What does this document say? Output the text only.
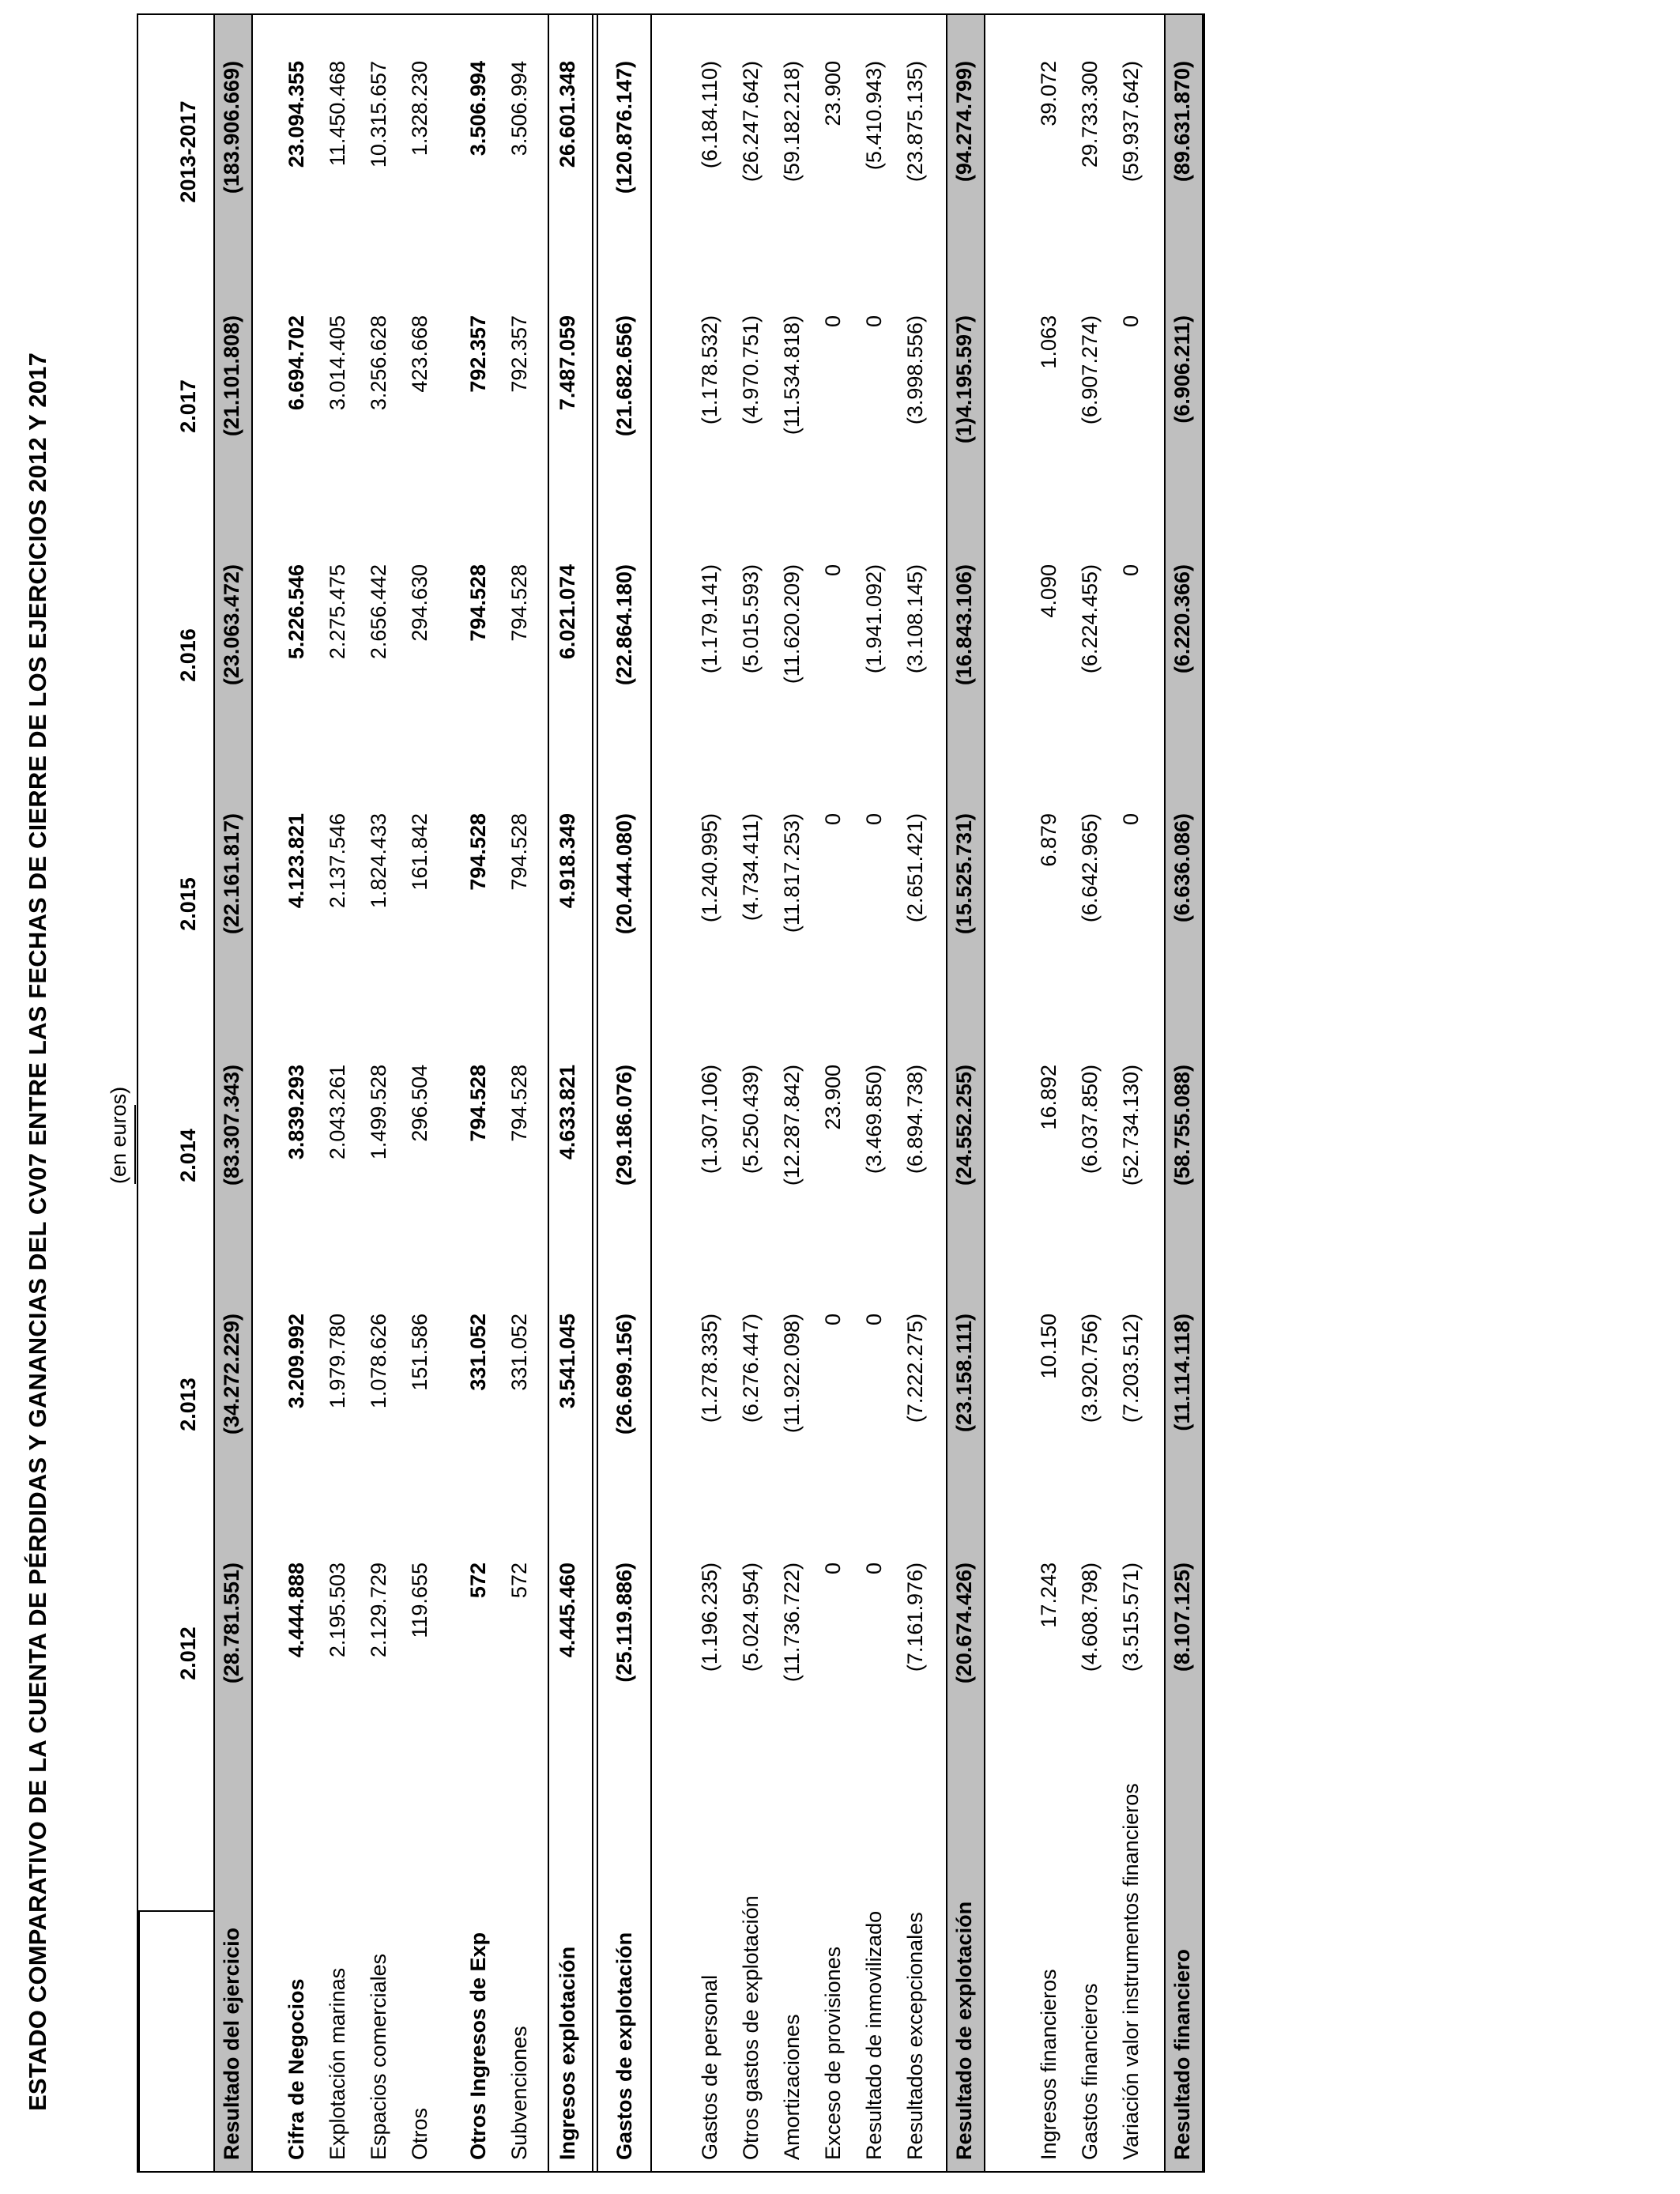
ESTADO COMPARATIVO DE LA CUENTA DE PÉRDIDAS Y GANANCIAS DEL CV07 ENTRE LAS FECHAS DE CIERRE DE LOS EJERCICIOS 2012 Y 2017	(en euros)
2.012
2.013
2.014
2.015
2.016
2.017
2013-2017
Resultado del ejercicio
(28.781.551)
(34.272.229)
(83.307.343)
(22.161.817)
(23.063.472)
(21.101.808)
(183.906.669)
Cifra de Negocios
4.444.888
3.209.992
3.839.293
4.123.821
5.226.546
6.694.702
23.094.355
Explotación marinas
2.195.503
1.979.780
2.043.261
2.137.546
2.275.475
3.014.405
11.450.468
Espacios comerciales
2.129.729
1.078.626
1.499.528
1.824.433
2.656.442
3.256.628
10.315.657
Otros
119.655
151.586
296.504
161.842
294.630
423.668
1.328.230
Otros Ingresos de Exp
572
331.052
794.528
794.528
794.528
792.357
3.506.994
Subvenciones
572
331.052
794.528
794.528
794.528
792.357
3.506.994
Ingresos explotación
4.445.460
3.541.045
4.633.821
4.918.349
6.021.074
7.487.059
26.601.348
Gastos de explotación
(25.119.886)
(26.699.156)
(29.186.076)
(20.444.080)
(22.864.180)
(21.682.656)
(120.876.147)
Gastos de personal
(1.196.235)
(1.278.335)
(1.307.106)
(1.240.995)
(1.179.141)
(1.178.532)
(6.184.110)
Otros gastos de explotación
(5.024.954)
(6.276.447)
(5.250.439)
(4.734.411)
(5.015.593)
(4.970.751)
(26.247.642)
Amortizaciones
(11.736.722)
(11.922.098)
(12.287.842)
(11.817.253)
(11.620.209)
(11.534.818)
(59.182.218)
Exceso de provisiones
0
0
23.900
0
0
0
23.900
Resultado de inmovilizado
0
0
(3.469.850)
0
(1.941.092)
0
(5.410.943)
Resultados excepcionales
(7.161.976)
(7.222.275)
(6.894.738)
(2.651.421)
(3.108.145)
(3.998.556)
(23.875.135)
Resultado de explotación
(20.674.426)
(23.158.111)
(24.552.255)
(15.525.731)
(16.843.106)
(1)4.195.597)
(94.274.799)
Ingresos financieros
17.243
10.150
16.892
6.879
4.090
1.063
39.072
Gastos financieros
(4.608.798)
(3.920.756)
(6.037.850)
(6.642.965)
(6.224.455)
(6.907.274)
29.733.300
Variación valor instrumentos financieros
(3.515.571)
(7.203.512)
(52.734.130)
0
0
0
(59.937.642)
Resultado financiero
(8.107.125)
(11.114.118)
(58.755.088)
(6.636.086)
(6.220.366)
(6.906.211)
(89.631.870)
